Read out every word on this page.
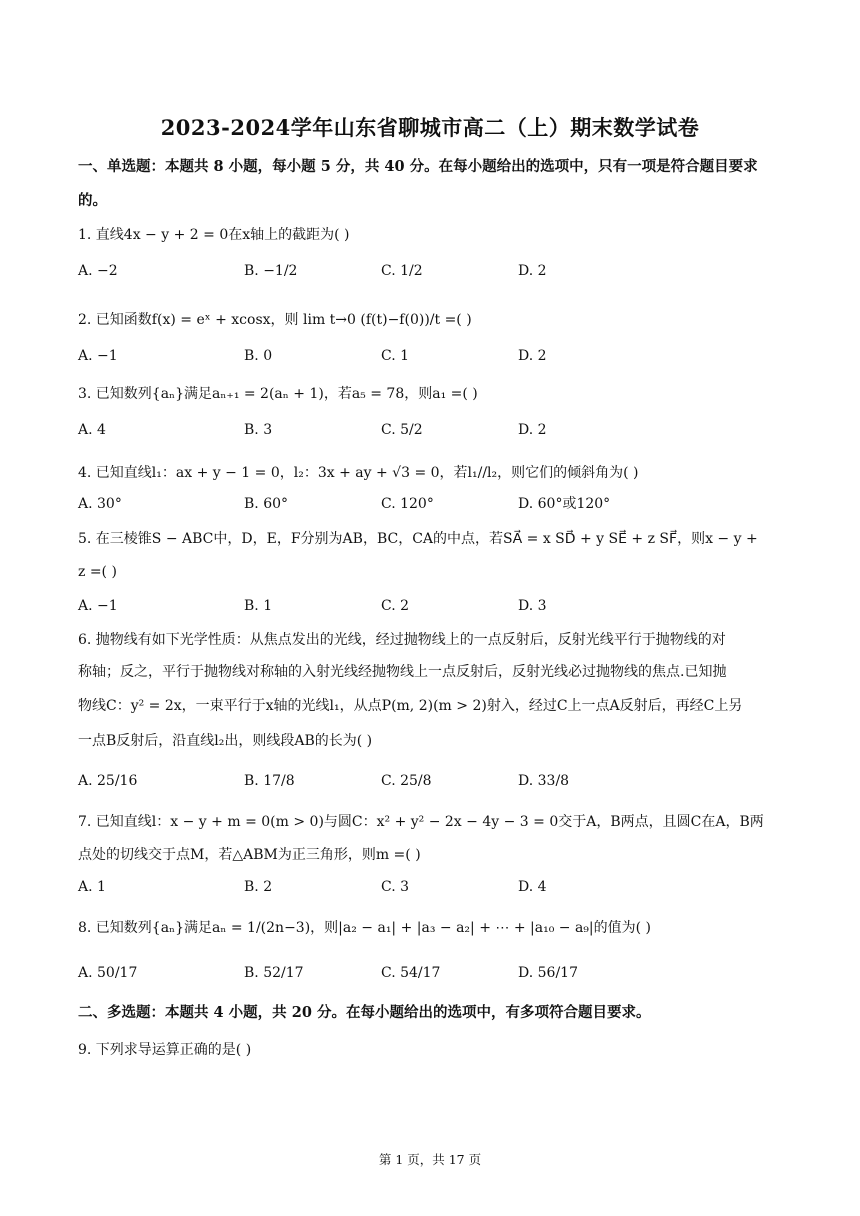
2023-2024学年山东省聊城市高二（上）期末数学试卷
一、单选题：本题共 8 小题，每小题 5 分，共 40 分。在每小题给出的选项中，只有一项是符合题目要求
的。
1. 直线4x − y + 2 = 0在x轴上的截距为( )
A. −2	B. −1/2	C. 1/2	D. 2
2. 已知函数f(x) = eˣ + xcosx，则 lim t→0 (f(t)−f(0))/t =( )
A. −1	B. 0	C. 1	D. 2
3. 已知数列{aₙ}满足aₙ₊₁ = 2(aₙ + 1)，若a₅ = 78，则a₁ =( )
A. 4	B. 3	C. 5/2	D. 2
4. 已知直线l₁：ax + y − 1 = 0，l₂：3x + ay + √3 = 0，若l₁//l₂，则它们的倾斜角为( )
A. 30°	B. 60°	C. 120°	D. 60°或120°
5. 在三棱锥S − ABC中，D，E，F分别为AB，BC，CA的中点，若SA⃗ = x SD⃗ + y SE⃗ + z SF⃗，则x − y +
z =( )
A. −1	B. 1	C. 2	D. 3
6. 抛物线有如下光学性质：从焦点发出的光线，经过抛物线上的一点反射后，反射光线平行于抛物线的对
称轴；反之，平行于抛物线对称轴的入射光线经抛物线上一点反射后，反射光线必过抛物线的焦点.已知抛
物线C：y² = 2x，一束平行于x轴的光线l₁，从点P(m, 2)(m > 2)射入，经过C上一点A反射后，再经C上另
一点B反射后，沿直线l₂出，则线段AB的长为( )
A. 25/16	B. 17/8	C. 25/8	D. 33/8
7. 已知直线l：x − y + m = 0(m > 0)与圆C：x² + y² − 2x − 4y − 3 = 0交于A，B两点，且圆C在A，B两
点处的切线交于点M，若△ABM为正三角形，则m =( )
A. 1	B. 2	C. 3	D. 4
8. 已知数列{aₙ}满足aₙ = 1/(2n−3)，则|a₂ − a₁| + |a₃ − a₂| + ⋯ + |a₁₀ − a₉|的值为( )
A. 50/17	B. 52/17	C. 54/17	D. 56/17
二、多选题：本题共 4 小题，共 20 分。在每小题给出的选项中，有多项符合题目要求。
9. 下列求导运算正确的是( )
第 1 页，共 17 页
